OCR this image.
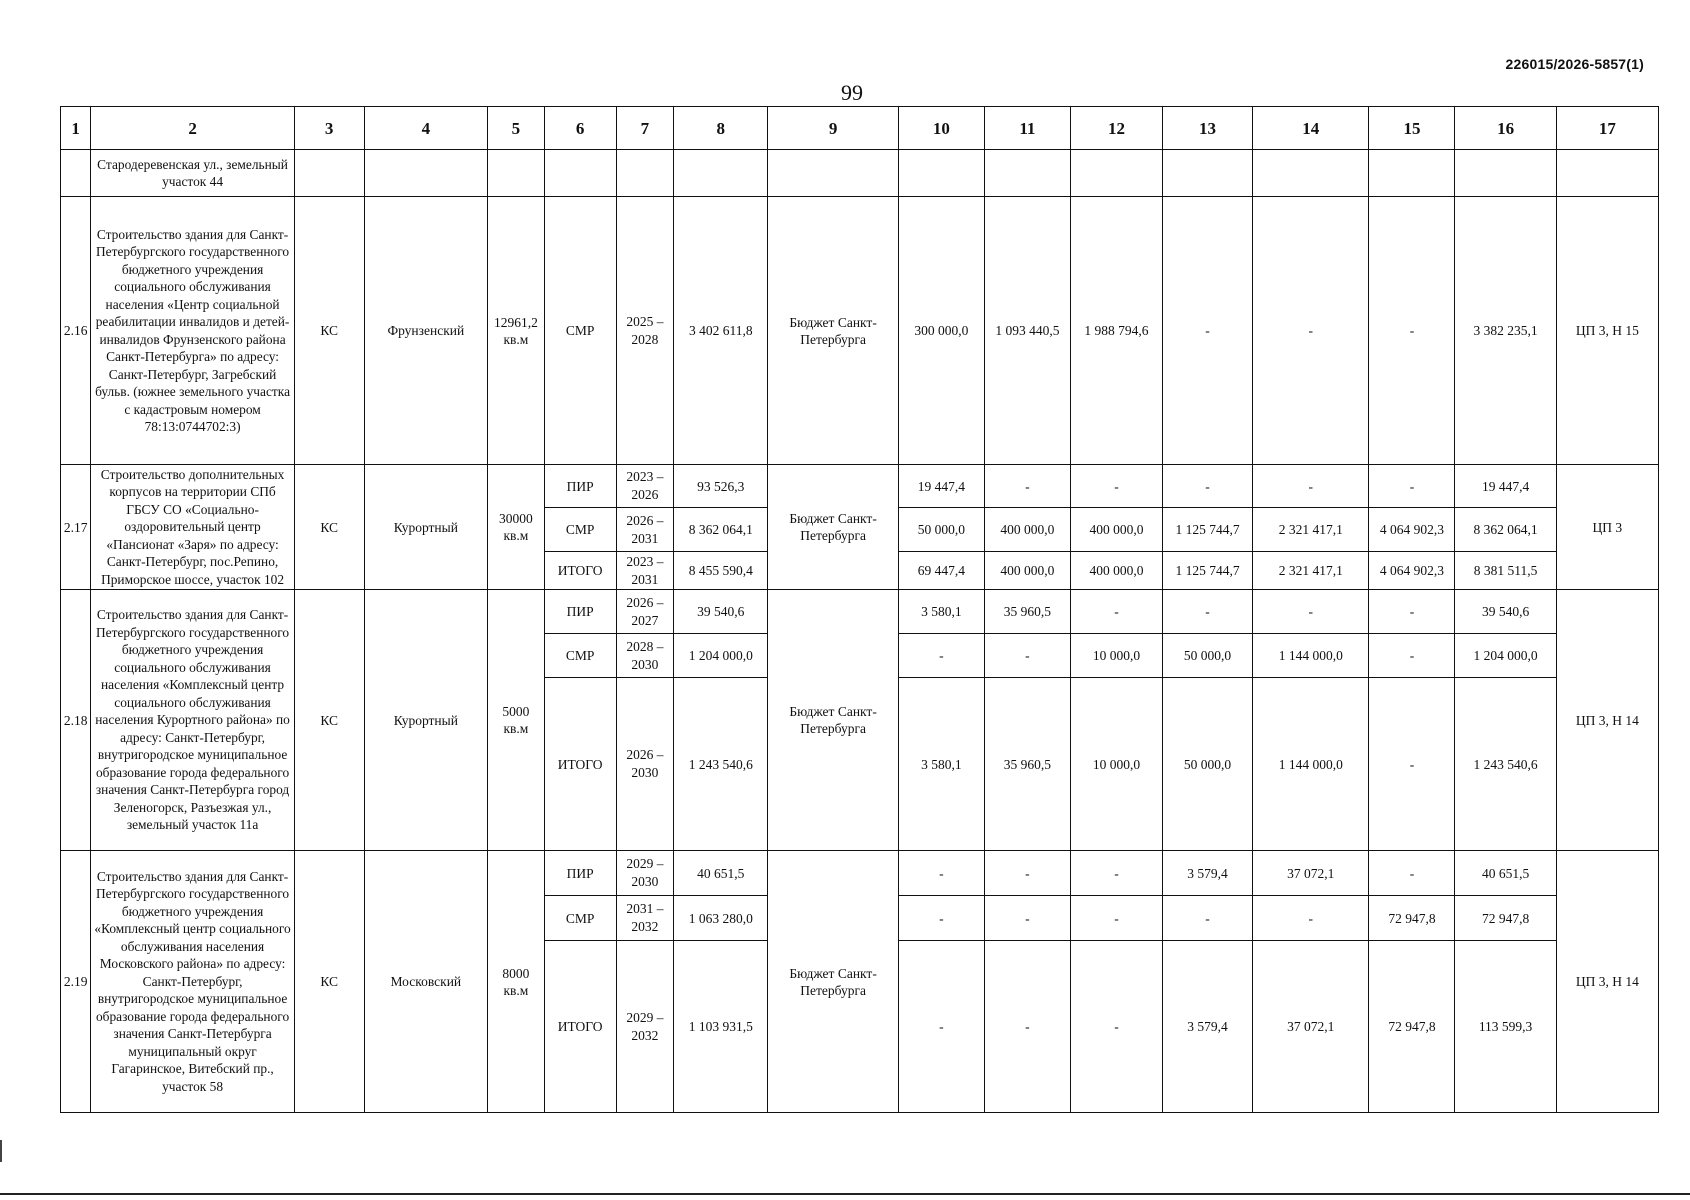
226015/2026-5857(1)
99
1	2	3	4	5	6	7	8	9	10	11	12	13	14	15	16	17
	Стародеревенская ул., земельный участок 44															
2.16	Строительство здания для Санкт-Петербургского государственного бюджетного учреждения социального обслуживания населения «Центр социальной реабилитации инвалидов и детей-инвалидов Фрунзенского района Санкт-Петербурга» по адресу: Санкт-Петербург, Загребский бульв. (южнее земельного участка с кадастровым номером 78:13:0744702:3)	КС	Фрунзенский	12961,2 кв.м	СМР	2025 – 2028	3 402 611,8	Бюджет Санкт-Петербурга	300 000,0	1 093 440,5	1 988 794,6	-	-	-	3 382 235,1	ЦП 3, Н 15
2.17	Строительство дополнительных корпусов на территории СПб ГБСУ СО «Социально-оздоровительный центр «Пансионат «Заря» по адресу: Санкт-Петербург, пос.Репино, Приморское шоссе, участок 102	КС	Курортный	30000 кв.м	ПИР	2023 – 2026	93 526,3	Бюджет Санкт-Петербурга	19 447,4	-	-	-	-	-	19 447,4	ЦП 3
					СМР	2026 – 2031	8 362 064,1		50 000,0	400 000,0	400 000,0	1 125 744,7	2 321 417,1	4 064 902,3	8 362 064,1	
					ИТОГО	2023 – 2031	8 455 590,4		69 447,4	400 000,0	400 000,0	1 125 744,7	2 321 417,1	4 064 902,3	8 381 511,5	
2.18	Строительство здания для Санкт-Петербургского государственного бюджетного учреждения социального обслуживания населения «Комплексный центр социального обслуживания населения Курортного района» по адресу: Санкт-Петербург, внутригородское муниципальное образование города федерального значения Санкт-Петербурга город Зеленогорск, Разъезжая ул., земельный участок 11а	КС	Курортный	5000 кв.м	ПИР	2026 – 2027	39 540,6	Бюджет Санкт-Петербурга	3 580,1	35 960,5	-	-	-	-	39 540,6	ЦП 3, Н 14
					СМР	2028 – 2030	1 204 000,0		-	-	10 000,0	50 000,0	1 144 000,0	-	1 204 000,0	
					ИТОГО	2026 – 2030	1 243 540,6		3 580,1	35 960,5	10 000,0	50 000,0	1 144 000,0	-	1 243 540,6	
2.19	Строительство здания для Санкт-Петербургского государственного бюджетного учреждения «Комплексный центр социального обслуживания населения Московского района» по адресу: Санкт-Петербург, внутригородское муниципальное образование города федерального значения Санкт-Петербурга муниципальный округ Гагаринское, Витебский пр., участок 58	КС	Московский	8000 кв.м	ПИР	2029 – 2030	40 651,5	Бюджет Санкт-Петербурга	-	-	-	3 579,4	37 072,1	-	40 651,5	ЦП 3, Н 14
					СМР	2031 – 2032	1 063 280,0		-	-	-	-	-	72 947,8	72 947,8	
					ИТОГО	2029 – 2032	1 103 931,5		-	-	-	3 579,4	37 072,1	72 947,8	113 599,3	
